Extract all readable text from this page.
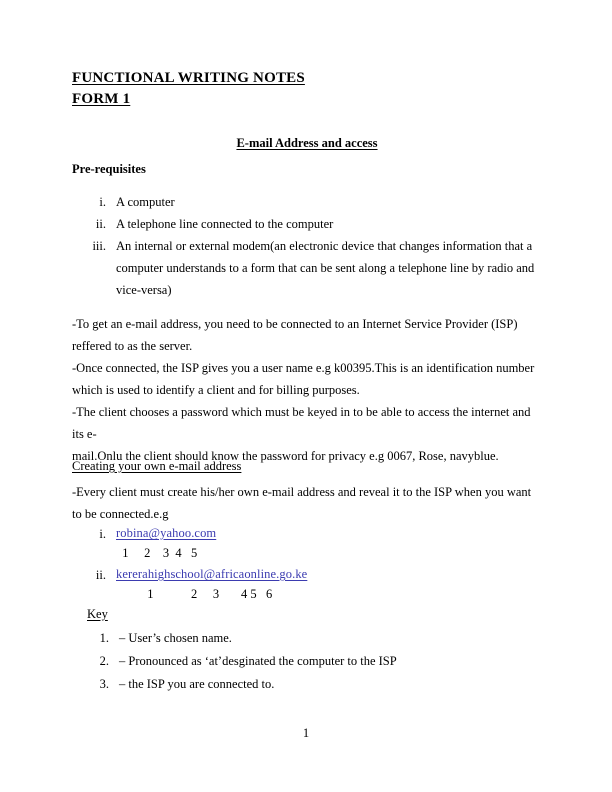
FUNCTIONAL WRITING NOTES
FORM 1
E-mail Address and access
Pre-requisites
i. A computer
ii. A telephone line connected to the computer
iii. An internal or external modem(an electronic device that changes information that a computer understands to a form that can be sent along a telephone line by radio and vice-versa)
-To get an e-mail address, you need to be connected to an Internet Service Provider (ISP)
reffered to as the server.
-Once connected, the ISP gives you a user name e.g k00395.This is an identification number
which is used to identify a client and for billing purposes.
-The client chooses a password which must be keyed in to be able to access the internet and its e-
mail.Onlu the client should know the password for privacy e.g 0067, Rose, navyblue.
Creating your own e-mail address
-Every client must create his/her own e-mail address and reveal it to the ISP when you want to be connected.e.g
i. robina@yahoo.com
1     2    3  4   5
ii. kererahighschool@africaonline.go.ke
1            2     3       4 5   6
Key
1. – User’s chosen name.
2. – Pronounced as ‘at’desginated the computer to the ISP
3. – the ISP you are connected to.
1
